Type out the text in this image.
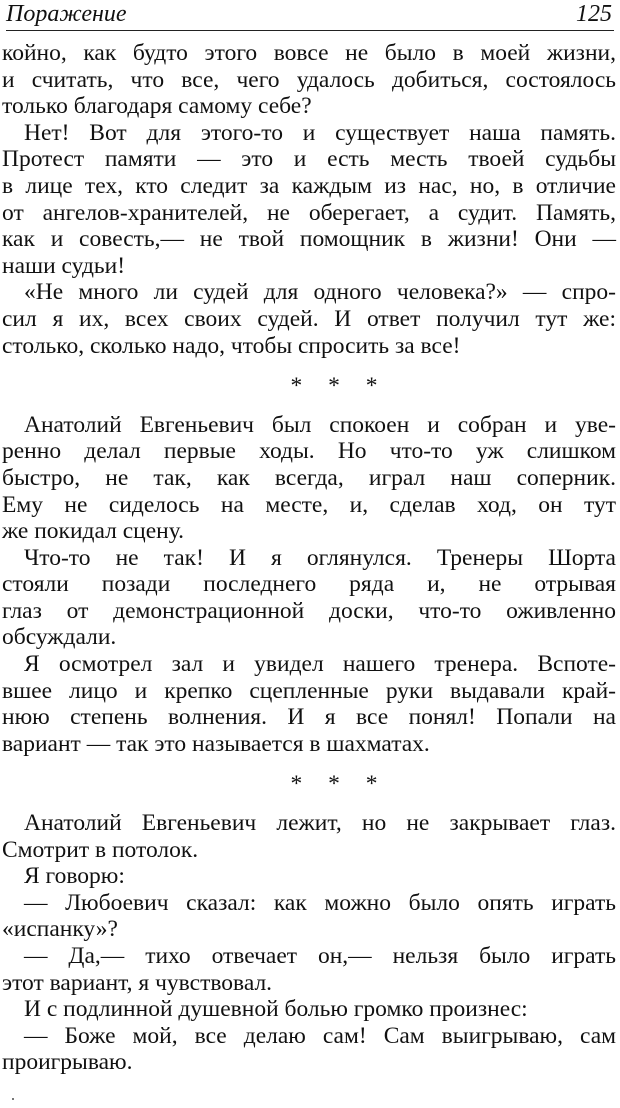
Поражение	125
койно, как будто этого вовсе не было в моей жизни,
и считать, что все, чего удалось добиться, состоялось
только благодаря самому себе?
Нет! Вот для этого-то и существует наша память.
Протест памяти — это и есть месть твоей судьбы
в лице тех, кто следит за каждым из нас, но, в отличие
от ангелов-хранителей, не оберегает, а судит. Память,
как и совесть,— не твой помощник в жизни! Они —
наши судьи!
«Не много ли судей для одного человека?» — спро-
сил я их, всех своих судей. И ответ получил тут же:
столько, сколько надо, чтобы спросить за все!
* * *
Анатолий Евгеньевич был спокоен и собран и уве-
ренно делал первые ходы. Но что-то уж слишком
быстро, не так, как всегда, играл наш соперник.
Ему не сиделось на месте, и, сделав ход, он тут
же покидал сцену.
Что-то не так! И я оглянулся. Тренеры Шорта
стояли позади последнего ряда и, не отрывая
глаз от демонстрационной доски, что-то оживленно
обсуждали.
Я осмотрел зал и увидел нашего тренера. Вспоте-
вшее лицо и крепко сцепленные руки выдавали край-
нюю степень волнения. И я все понял! Попали на
вариант — так это называется в шахматах.
* * *
Анатолий Евгеньевич лежит, но не закрывает глаз.
Смотрит в потолок.
Я говорю:
— Любоевич сказал: как можно было опять играть
«испанку»?
— Да,— тихо отвечает он,— нельзя было играть
этот вариант, я чувствовал.
И с подлинной душевной болью громко произнес:
— Боже мой, все делаю сам! Сам выигрываю, сам
проигрываю.
